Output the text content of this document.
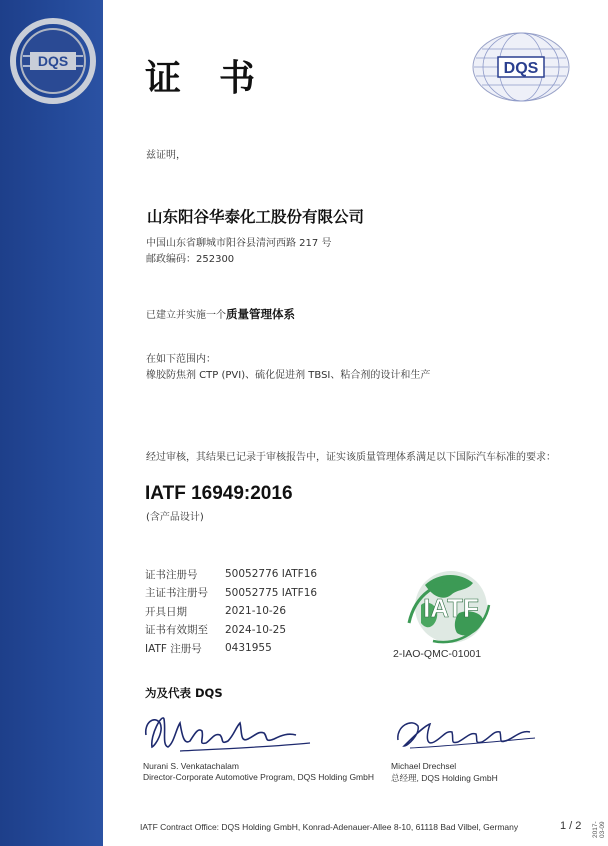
DQS 证书	DQS
兹证明，
山东阳谷华泰化工股份有限公司
中国山东省聊城市阳谷县清河西路 217 号
邮政编码：252300
已建立并实施一个质量管理体系
在如下范围内：
橡胶防焦剂 CTP (PVI)、硫化促进剂 TBSI、粘合剂的设计和生产
经过审核，其结果已记录于审核报告中，证实该质量管理体系满足以下国际汽车标准的要求：
IATF 16949:2016
(含产品设计)
证书注册号	50052776 IATF16
主证书注册号	50052775 IATF16
开具日期	2021-10-26
证书有效期至	2024-10-25
IATF 注册号	0431955
IATF
2-IAO-QMC-01001
为及代表 DQS
Nurani S. Venkatachalam
Director-Corporate Automotive Program, DQS Holding GmbH
Michael Drechsel
总经理, DQS Holding GmbH
IATF Contract Office: DQS Holding GmbH, Konrad-Adenauer-Allee 8-10, 61118 Bad Vilbel, Germany	1 / 2 2017-03-09
